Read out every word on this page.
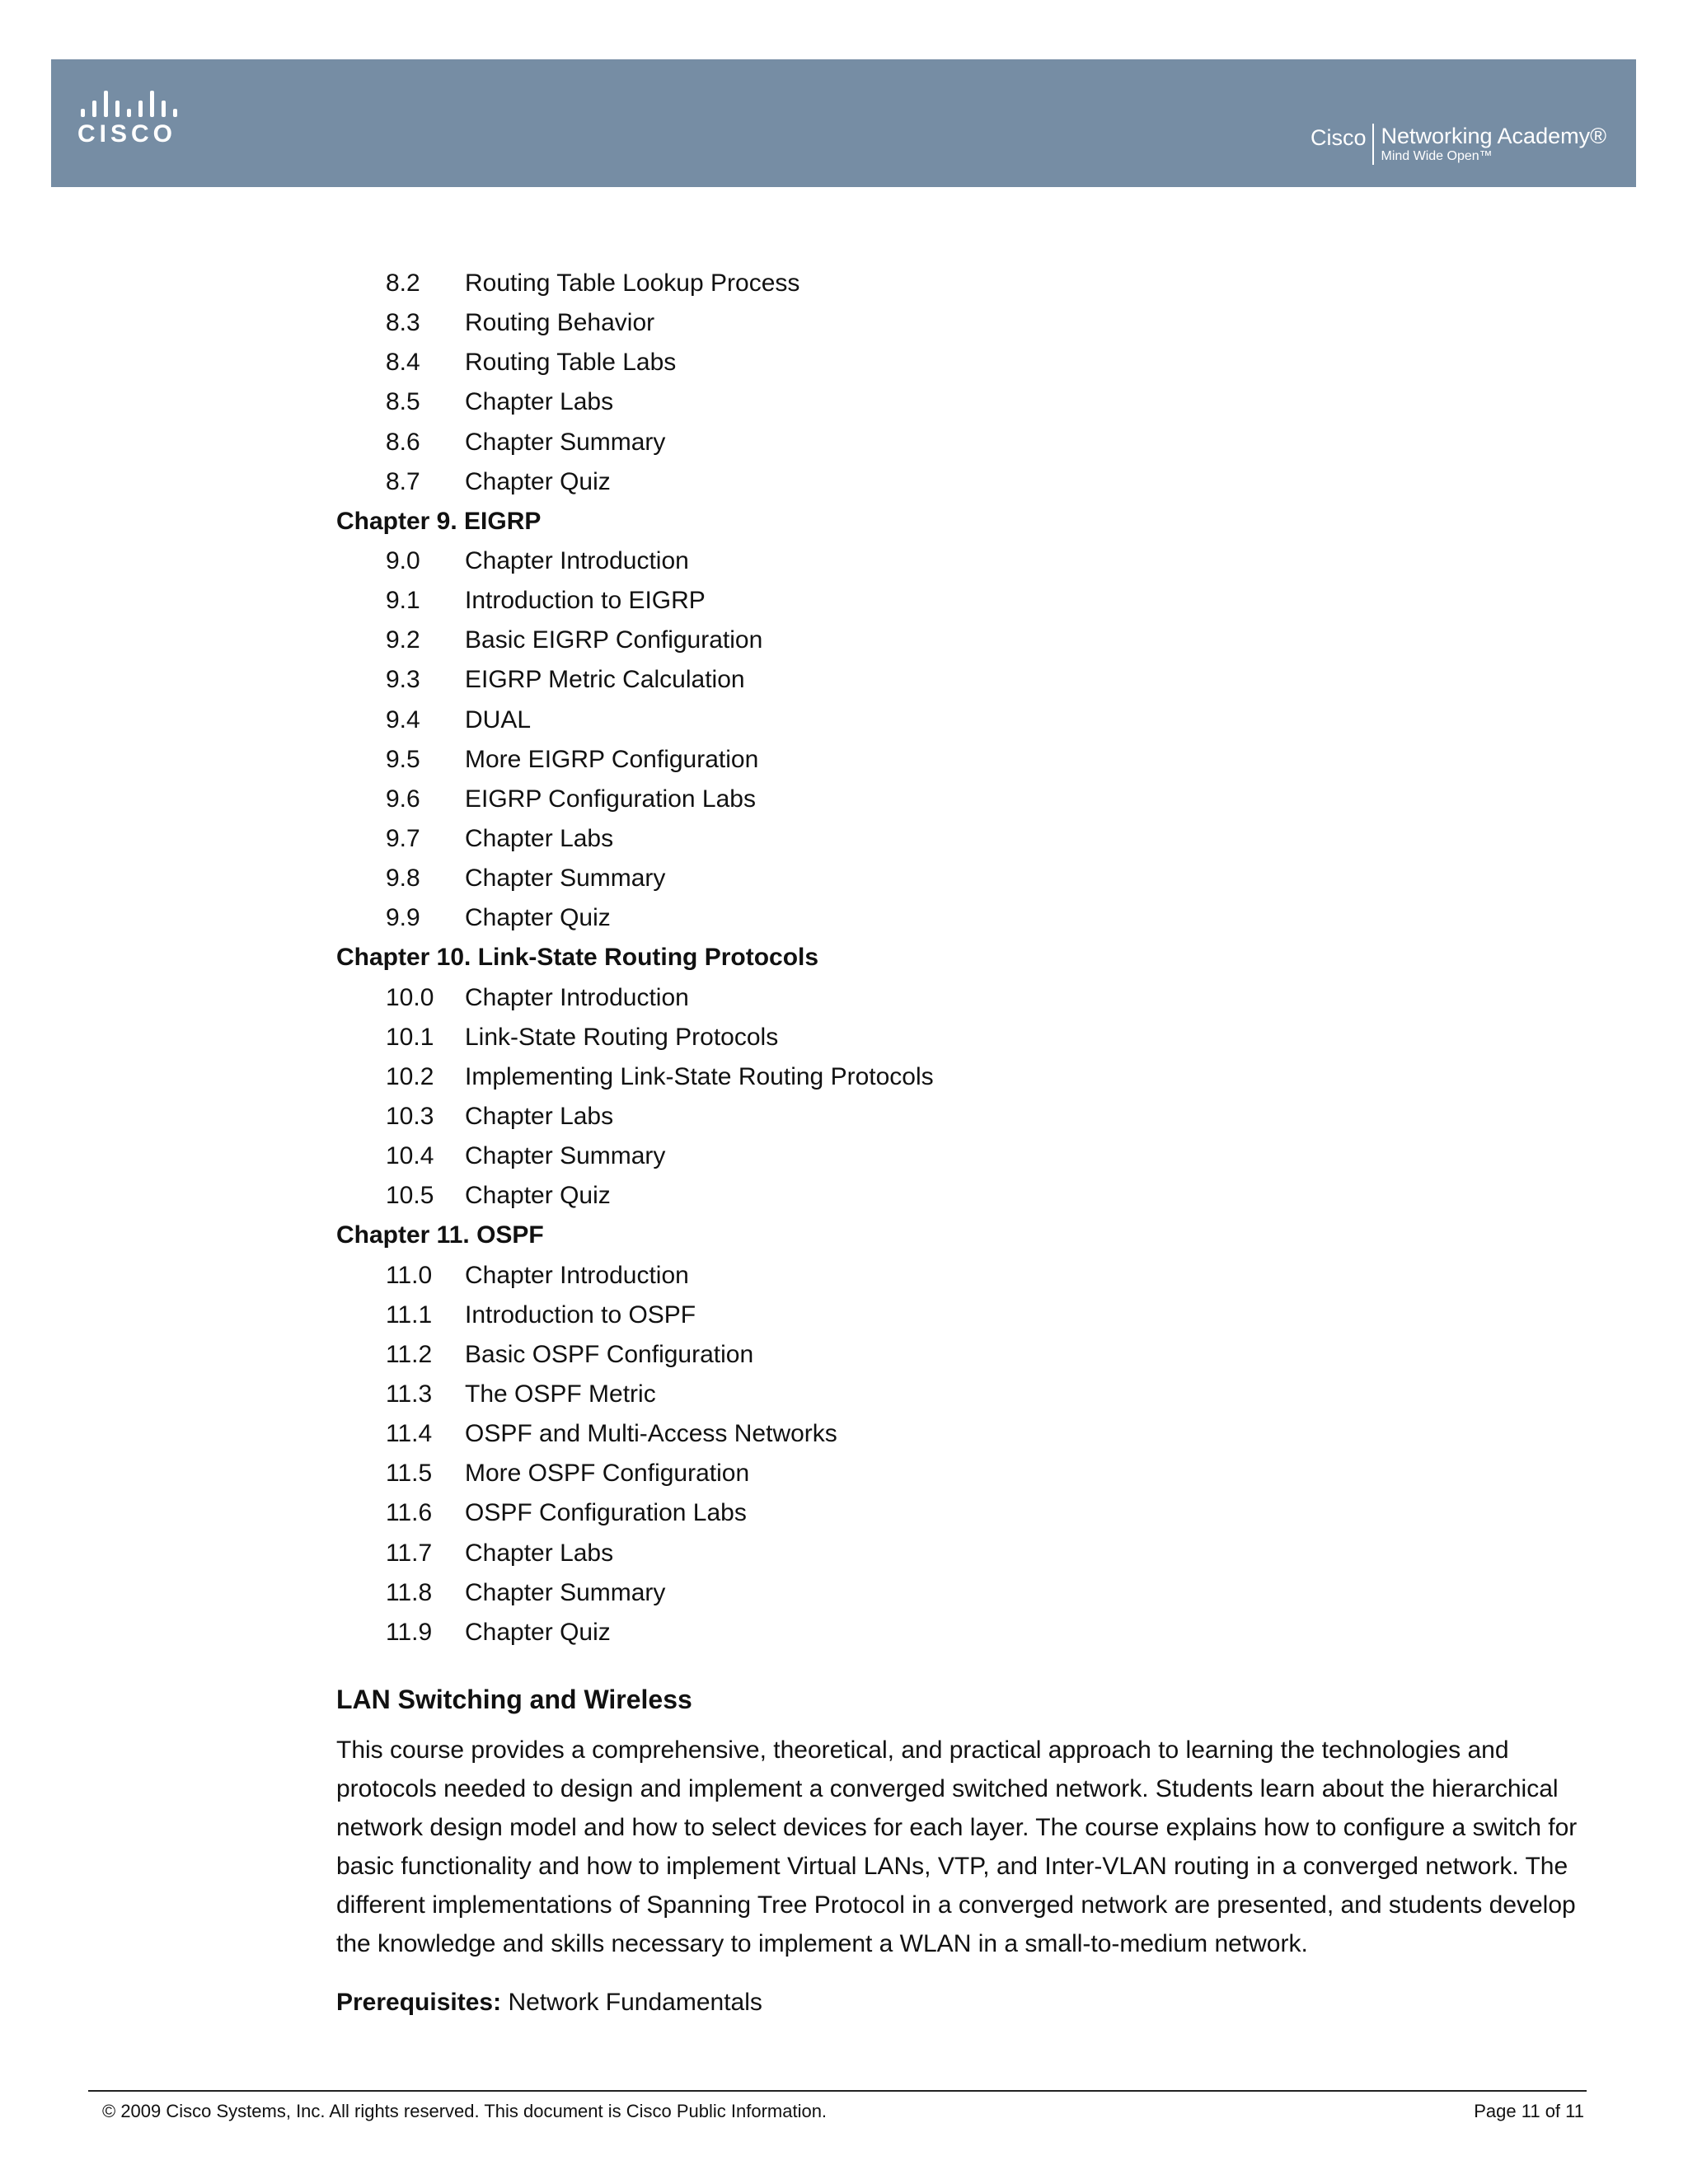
CISCO	Cisco Networking Academy®
Mind Wide Open™
8.2 Routing Table Lookup Process
8.3 Routing Behavior
8.4 Routing Table Labs
8.5 Chapter Labs
8.6 Chapter Summary
8.7 Chapter Quiz
Chapter 9. EIGRP
9.0 Chapter Introduction
9.1 Introduction to EIGRP
9.2 Basic EIGRP Configuration
9.3 EIGRP Metric Calculation
9.4 DUAL
9.5 More EIGRP Configuration
9.6 EIGRP Configuration Labs
9.7 Chapter Labs
9.8 Chapter Summary
9.9 Chapter Quiz
Chapter 10. Link-State Routing Protocols
10.0 Chapter Introduction
10.1 Link-State Routing Protocols
10.2 Implementing Link-State Routing Protocols
10.3 Chapter Labs
10.4 Chapter Summary
10.5 Chapter Quiz
Chapter 11. OSPF
11.0 Chapter Introduction
11.1 Introduction to OSPF
11.2 Basic OSPF Configuration
11.3 The OSPF Metric
11.4 OSPF and Multi-Access Networks
11.5 More OSPF Configuration
11.6 OSPF Configuration Labs
11.7 Chapter Labs
11.8 Chapter Summary
11.9 Chapter Quiz
LAN Switching and Wireless
This course provides a comprehensive, theoretical, and practical approach to learning the technologies and protocols needed to design and implement a converged switched network. Students learn about the hierarchical network design model and how to select devices for each layer. The course explains how to configure a switch for basic functionality and how to implement Virtual LANs, VTP, and Inter-VLAN routing in a converged network. The different implementations of Spanning Tree Protocol in a converged network are presented, and students develop the knowledge and skills necessary to implement a WLAN in a small-to-medium network.
Prerequisites: Network Fundamentals
© 2009 Cisco Systems, Inc. All rights reserved. This document is Cisco Public Information.	Page 11 of 11
